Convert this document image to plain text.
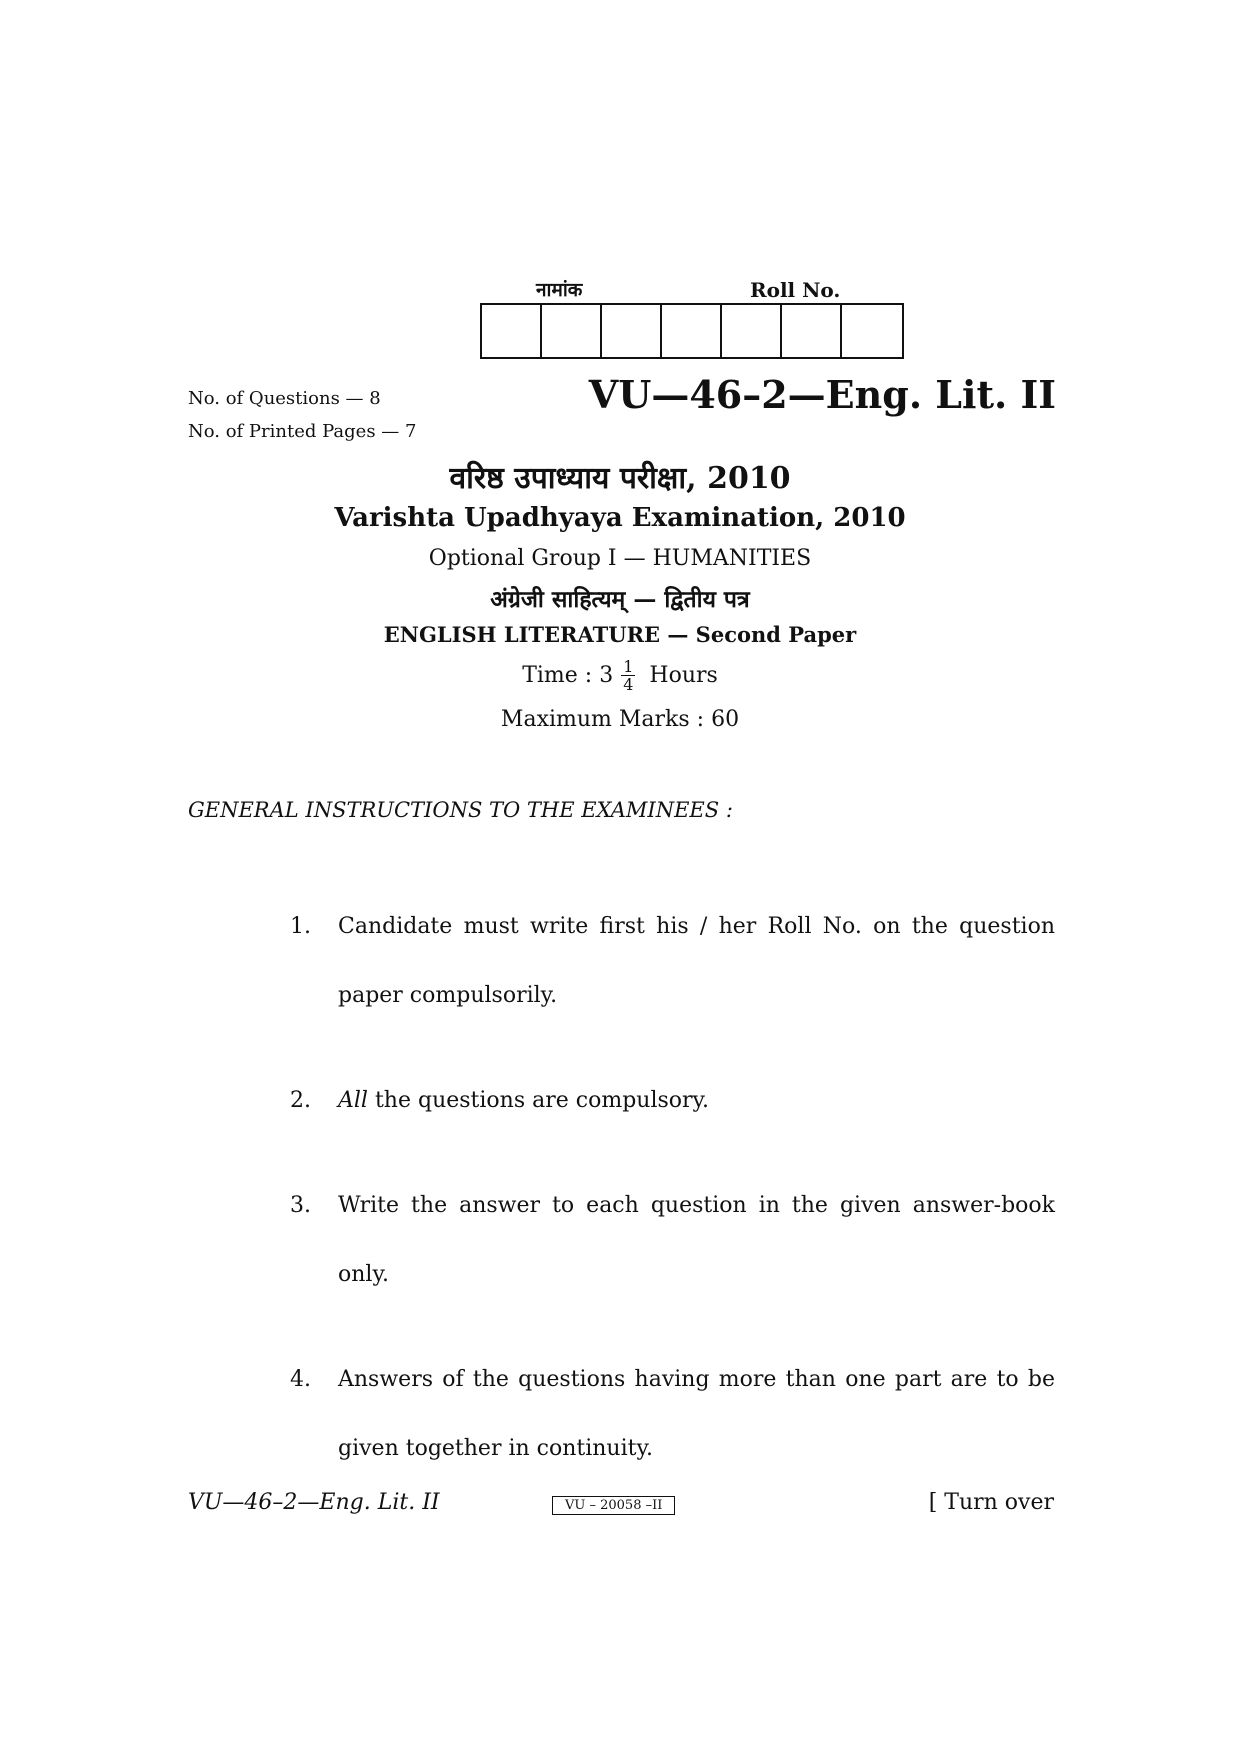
नामांक	Roll No.
No. of Questions — 8
No. of Printed Pages — 7
VU—46–2—Eng. Lit. II
वरिष्ठ उपाध्याय परीक्षा, 2010
Varishta Upadhyaya Examination, 2010
Optional Group I — HUMANITIES
अंग्रेजी साहित्यम् — द्वितीय पत्र
ENGLISH LITERATURE — Second Paper
Time : $3 \frac{1}{4}$ Hours
Maximum Marks : 60
GENERAL INSTRUCTIONS TO THE EXAMINEES :
1.	Candidate must write first his / her Roll No. on the question paper compulsorily.
2.	All the questions are compulsory.
3.	Write the answer to each question in the given answer-book only.
4.	Answers of the questions having more than one part are to be given together in continuity.
VU—46–2—Eng. Lit. II	VU – 20058 –II	[ Turn over
